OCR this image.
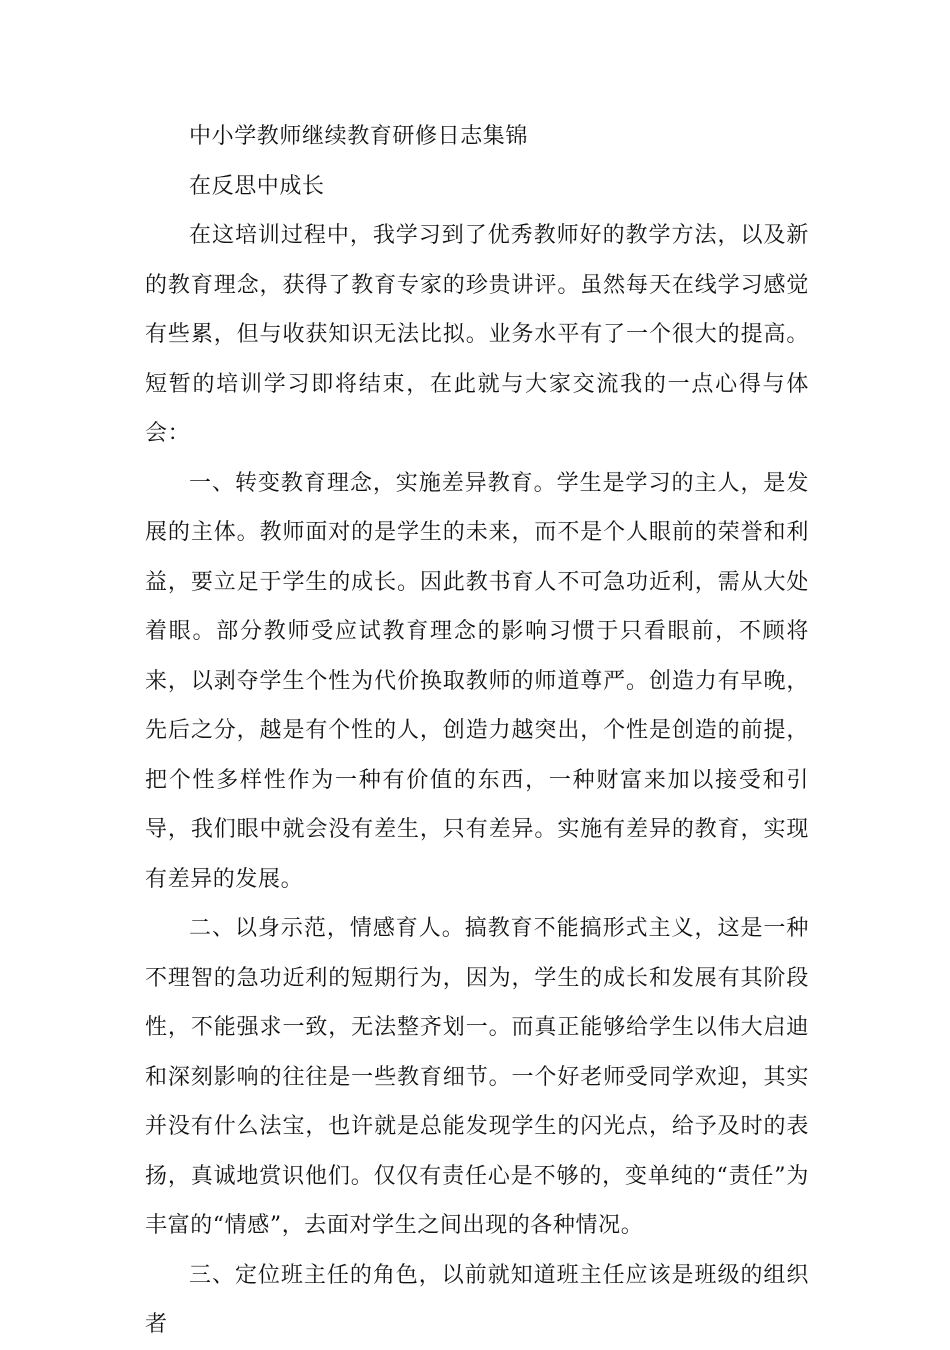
中小学教师继续教育研修日志集锦

在反思中成长

在这培训过程中，我学习到了优秀教师好的教学方法，以及新的教育理念，获得了教育专家的珍贵讲评。虽然每天在线学习感觉有些累，但与收获知识无法比拟。业务水平有了一个很大的提高。短暂的培训学习即将结束，在此就与大家交流我的一点心得与体会：

一、转变教育理念，实施差异教育。学生是学习的主人，是发展的主体。教师面对的是学生的未来，而不是个人眼前的荣誉和利益，要立足于学生的成长。因此教书育人不可急功近利，需从大处着眼。部分教师受应试教育理念的影响习惯于只看眼前，不顾将来，以剥夺学生个性为代价换取教师的师道尊严。创造力有早晚，先后之分，越是有个性的人，创造力越突出，个性是创造的前提，把个性多样性作为一种有价值的东西，一种财富来加以接受和引导，我们眼中就会没有差生，只有差异。实施有差异的教育，实现有差异的发展。

二、以身示范，情感育人。搞教育不能搞形式主义，这是一种不理智的急功近利的短期行为，因为，学生的成长和发展有其阶段性，不能强求一致，无法整齐划一。而真正能够给学生以伟大启迪和深刻影响的往往是一些教育细节。一个好老师受同学欢迎，其实并没有什么法宝，也许就是总能发现学生的闪光点，给予及时的表扬，真诚地赏识他们。仅仅有责任心是不够的，变单纯的“责任”为丰富的“情感”，去面对学生之间出现的各种情况。

三、定位班主任的角色，以前就知道班主任应该是班级的组织者
